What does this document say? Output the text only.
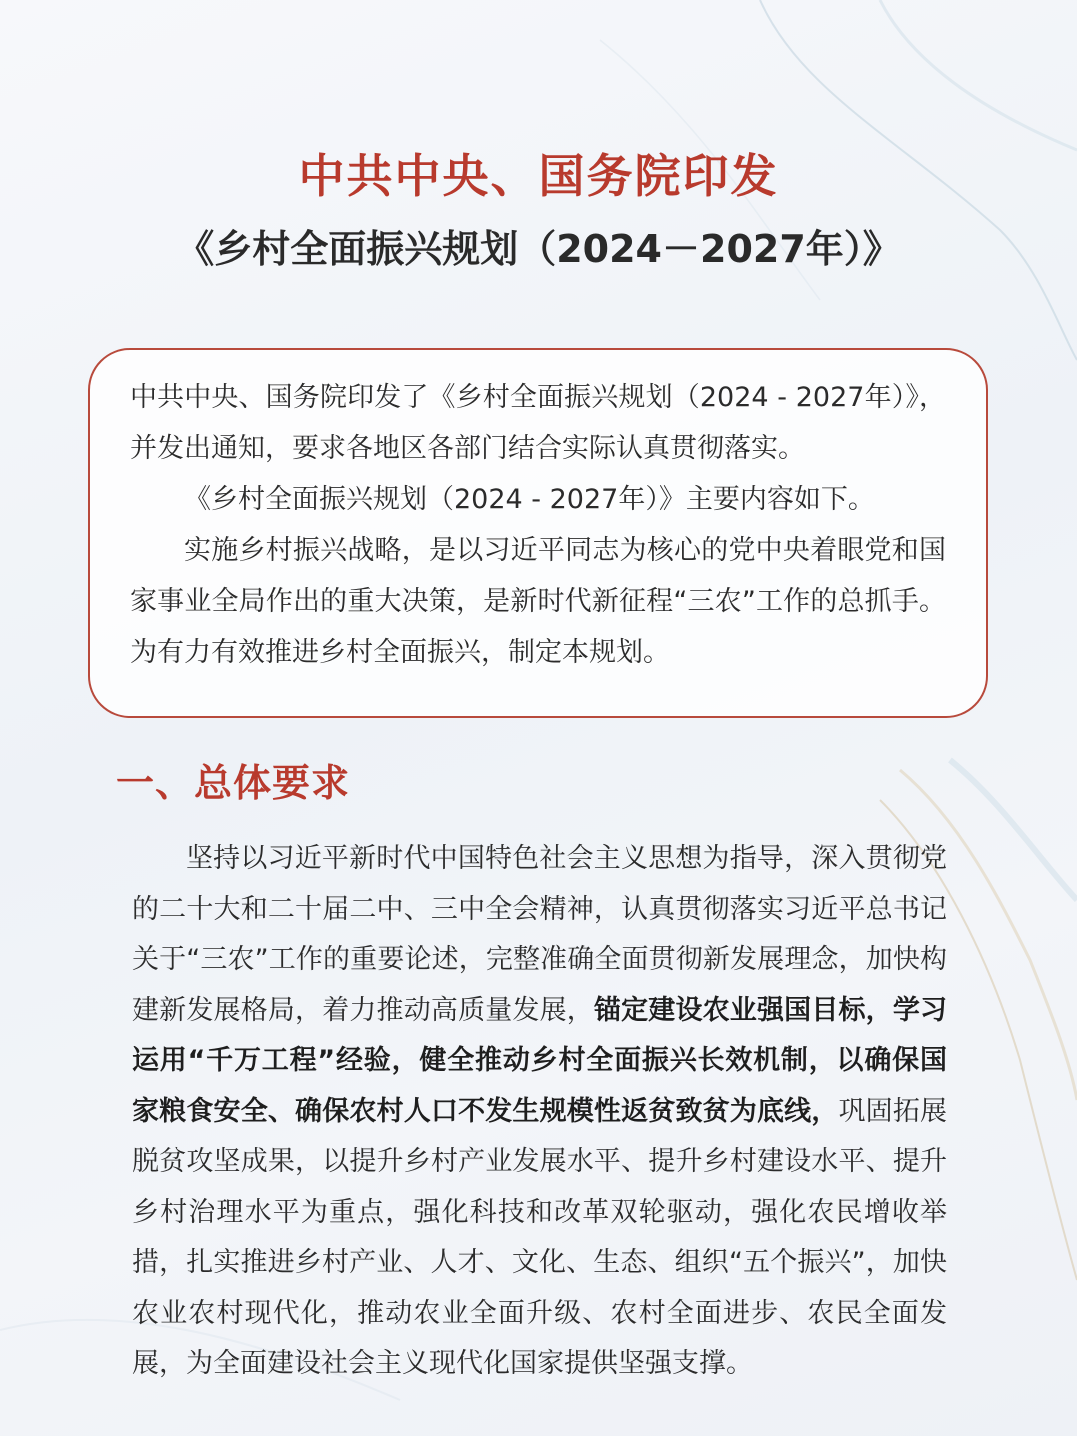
中共中央、国务院印发
《乡村全面振兴规划（2024－2027年）》

中共中央、国务院印发了《乡村全面振兴规划（2024 - 2027年）》，并发出通知，要求各地区各部门结合实际认真贯彻落实。

《乡村全面振兴规划（2024 - 2027年）》主要内容如下。

实施乡村振兴战略，是以习近平同志为核心的党中央着眼党和国家事业全局作出的重大决策，是新时代新征程“三农”工作的总抓手。为有力有效推进乡村全面振兴，制定本规划。

一、总体要求

坚持以习近平新时代中国特色社会主义思想为指导，深入贯彻党的二十大和二十届二中、三中全会精神，认真贯彻落实习近平总书记关于“三农”工作的重要论述，完整准确全面贯彻新发展理念，加快构建新发展格局，着力推动高质量发展，锚定建设农业强国目标，学习运用“千万工程”经验，健全推动乡村全面振兴长效机制，以确保国家粮食安全、确保农村人口不发生规模性返贫致贫为底线，巩固拓展脱贫攻坚成果，以提升乡村产业发展水平、提升乡村建设水平、提升乡村治理水平为重点，强化科技和改革双轮驱动，强化农民增收举措，扎实推进乡村产业、人才、文化、生态、组织“五个振兴”，加快农业农村现代化，推动农业全面升级、农村全面进步、农民全面发展，为全面建设社会主义现代化国家提供坚强支撑。
